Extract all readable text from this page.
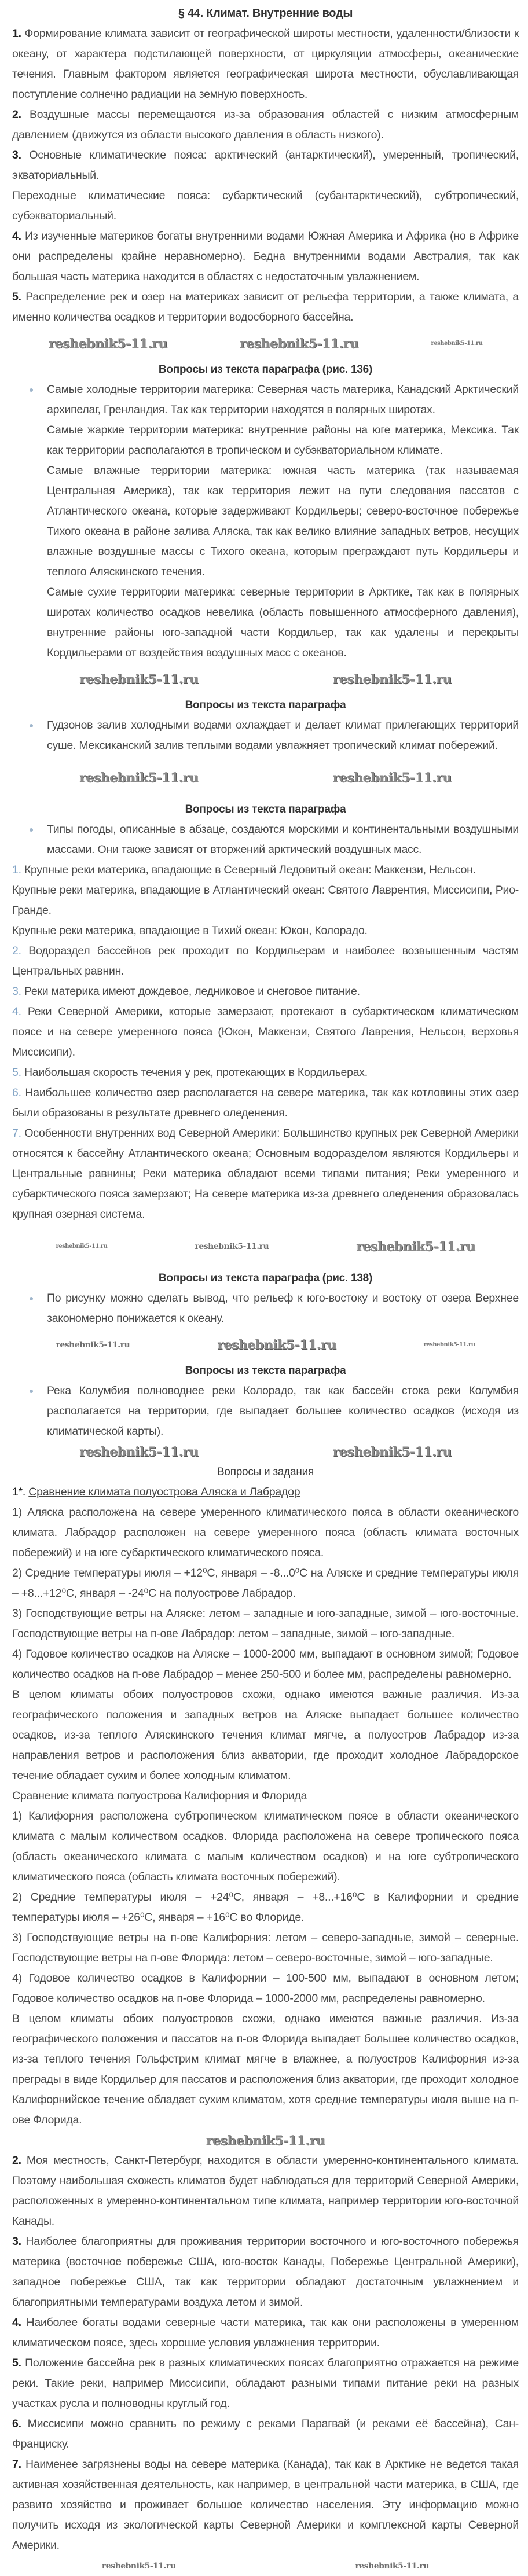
§ 44. Климат. Внутренние воды

1. Формирование климата зависит от географической широты местности, удаленности/близости к океану, от характера подстилающей поверхности, от циркуляции атмосферы, океанические течения. Главным фактором является географическая широта местности, обуславливающая поступление солнечно радиации на земную поверхность.

2. Воздушные массы перемещаются из-за образования областей с низким атмосферным давлением (движутся из области высокого давления в область низкого).

3. Основные климатические пояса: арктический (антарктический), умеренный, тропический, экваториальный.

Переходные климатические пояса: субарктический (субантарктический), субтропический, субэкваториальный.

4. Из изученные материков богаты внутренними водами Южная Америка и Африка (но в Африке они распределены крайне неравномерно). Бедна внутренними водами Австралия, так как большая часть материка находится в областях с недостаточным увлажнением.

5. Распределение рек и озер на материках зависит от рельефа территории, а также климата, а именно количества осадков и территории водосборного бассейна.

reshebnik5-11.ru	reshebnik5-11.ru	reshebnik5-11.ru

Вопросы из текста параграфа (рис. 136)

Самые холодные территории материка: Северная часть материка, Канадский Арктический архипелаг, Гренландия. Так как территории находятся в полярных широтах.

Самые жаркие территории материка: внутренние районы на юге материка, Мексика. Так как территории располагаются в тропическом и субэкваториальном климате.

Самые влажные территории материка: южная часть материка (так называемая Центральная Америка), так как территория лежит на пути следования пассатов с Атлантического океана, которые задерживают Кордильеры; северо-восточное побережье Тихого океана в районе залива Аляска, так как велико влияние западных ветров, несущих влажные воздушные массы с Тихого океана, которым преграждают путь Кордильеры и теплого Аляскинского течения.

Самые сухие территории материка: северные территории в Арктике, так как в полярных широтах количество осадков невелика (область повышенного атмосферного давления), внутренние районы юго-западной части Кордильер, так как удалены и перекрыты Кордильерами от воздействия воздушных масс с океанов.

reshebnik5-11.ru	reshebnik5-11.ru

Вопросы из текста параграфа

Гудзонов залив холодными водами охлаждает и делает климат прилегающих территорий суше. Мексиканский залив теплыми водами увлажняет тропический климат побережий.

reshebnik5-11.ru	reshebnik5-11.ru

Вопросы из текста параграфа

Типы погоды, описанные в абзаце, создаются морскими и континентальными воздушными массами. Они также зависят от вторжений арктический воздушных масс.

1. Крупные реки материка, впадающие в Северный Ледовитый океан: Маккензи, Нельсон.

Крупные реки материка, впадающие в Атлантический океан: Святого Лаврентия, Миссисипи, Рио-Гранде.

Крупные реки материка, впадающие в Тихий океан: Юкон, Колорадо.

2. Водораздел бассейнов рек проходит по Кордильерам и наиболее возвышенным частям Центральных равнин.

3. Реки материка имеют дождевое, ледниковое и снеговое питание.

4. Реки Северной Америки, которые замерзают, протекают в субарктическом климатическом поясе и на севере умеренного пояса (Юкон, Маккензи, Святого Лаврения, Нельсон, верховья Миссисипи).

5. Наибольшая скорость течения у рек, протекающих в Кордильерах.

6. Наибольшее количество озер располагается на севере материка, так как котловины этих озер были образованы в результате древнего оледенения.

7. Особенности внутренних вод Северной Америки: Большинство крупных рек Северной Америки относятся к бассейну Атлантического океана; Основным водоразделом являются Кордильеры и Центральные равнины; Реки материка обладают всеми типами питания; Реки умеренного и субарктического пояса замерзают; На севере материка из-за древнего оледенения образовалась крупная озерная система.

reshebnik5-11.ru	reshebnik5-11.ru	reshebnik5-11.ru

Вопросы из текста параграфа (рис. 138)

По рисунку можно сделать вывод, что рельеф к юго-востоку и востоку от озера Верхнее закономерно понижается к океану.

reshebnik5-11.ru	reshebnik5-11.ru	reshebnik5-11.ru

Вопросы из текста параграфа

Река Колумбия полноводнее реки Колорадо, так как бассейн стока реки Колумбия располагается на территории, где выпадает большее количество осадков (исходя из климатической карты).

reshebnik5-11.ru	reshebnik5-11.ru

Вопросы и задания

1*. Сравнение климата полуострова Аляска и Лабрадор

1) Аляска расположена на севере умеренного климатического пояса в области океанического климата. Лабрадор расположен на севере умеренного пояса (область климата восточных побережий) и на юге субарктического климатического пояса.

2) Средние температуры июля – +12⁰С, января – -8...0⁰С на Аляске и средние температуры июля – +8...+12⁰С, января – -24⁰С на полуострове Лабрадор.

3) Господствующие ветры на Аляске: летом – западные и юго-западные, зимой – юго-восточные. Господствующие ветры на п-ове Лабрадор: летом – западные, зимой – юго-западные.

4) Годовое количество осадков на Аляске – 1000-2000 мм, выпадают в основном зимой; Годовое количество осадков на п-ове Лабрадор – менее 250-500 и более мм, распределены равномерно.

В целом климаты обоих полуостровов схожи, однако имеются важные различия. Из-за географического положения и западных ветров на Аляске выпадает большее количество осадков, из-за теплого Аляскинского течения климат мягче, а полуостров Лабрадор из-за направления ветров и расположения близ акватории, где проходит холодное Лабрадорское течение обладает сухим и более холодным климатом.

Сравнение климата полуострова Калифорния и Флорида

1) Калифорния расположена субтропическом климатическом поясе в области океанического климата с малым количеством осадков. Флорида расположена на севере тропического пояса (область океанического климата с малым количеством осадков) и на юге субтропического климатического пояса (область климата восточных побережий).

2) Средние температуры июля – +24⁰С, января – +8...+16⁰С в Калифорнии и средние температуры июля – +26⁰С, января – +16⁰С во Флориде.

3) Господствующие ветры на п-ове Калифорния: летом – северо-западные, зимой – северные. Господствующие ветры на п-ове Флорида: летом – северо-восточные, зимой – юго-западные.

4) Годовое количество осадков в Калифорнии – 100-500 мм, выпадают в основном летом; Годовое количество осадков на п-ове Флорида – 1000-2000 мм, распределены равномерно.

В целом климаты обоих полуостровов схожи, однако имеются важные различия. Из-за географического положения и пассатов на п-ов Флорида выпадает большее количество осадков, из-за теплого течения Гольфстрим климат мягче в влажнее, а полуостров Калифорния из-за преграды в виде Кордильер для пассатов и расположения близ акватории, где проходит холодное Калифорнийское течение обладает сухим климатом, хотя средние температуры июля выше на п-ове Флорида.

reshebnik5-11.ru

2. Моя местность, Санкт-Петербург, находится в области умеренно-континентального климата. Поэтому наибольшая схожесть климатов будет наблюдаться для территорий Северной Америки, расположенных в умеренно-континентальном типе климата, например территории юго-восточной Канады.

3. Наиболее благоприятны для проживания территории восточного и юго-восточного побережья материка (восточное побережье США, юго-восток Канады, Побережье Центральной Америки), западное побережье США, так как территории обладают достаточным увлажнением и благоприятными температурами воздуха летом и зимой.

4. Наиболее богаты водами северные части материка, так как они расположены в умеренном климатическом поясе, здесь хорошие условия увлажнения территории.

5. Положение бассейна рек в разных климатических поясах благоприятно отражается на режиме реки. Такие реки, например Миссисипи, обладают разными типами питание реки на разных участках русла и полноводны круглый год.

6. Миссисипи можно сравнить по режиму с реками Парагвай (и реками её бассейна), Сан-Франциску.

7. Наименее загрязнены воды на севере материка (Канада), так как в Арктике не ведется такая активная хозяйственная деятельность, как например, в центральной части материка, в США, где развито хозяйство и проживает большое количество населения. Эту информацию можно получить исходя из экологической карты Северной Америки и комплексной карты Северной Америки.

reshebnik5-11.ru	reshebnik5-11.ru
